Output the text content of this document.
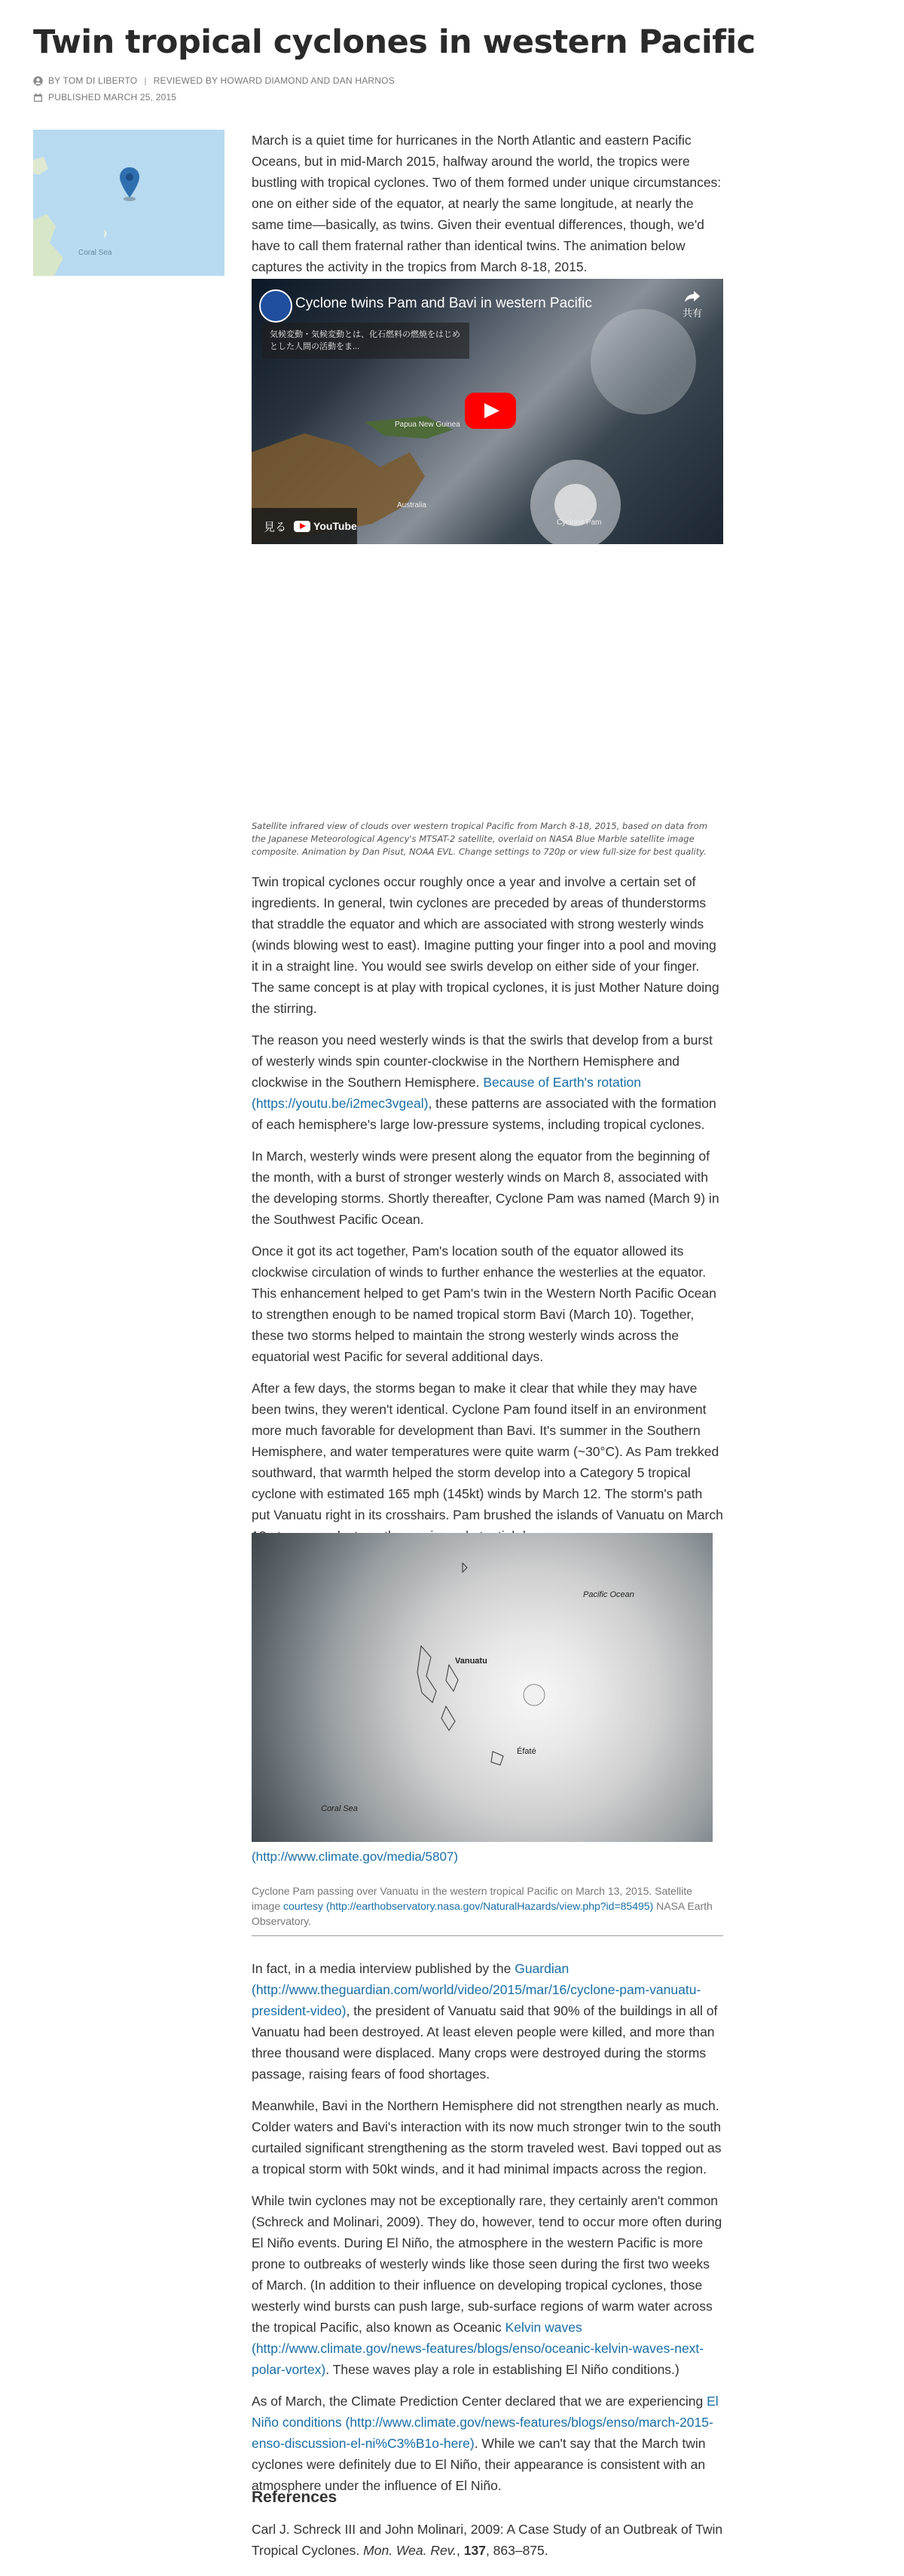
Twin tropical cyclones in western Pacific
BY TOM DI LIBERTO | REVIEWED BY HOWARD DIAMOND AND DAN HARNOS
PUBLISHED MARCH 25, 2015
Coral Sea

March is a quiet time for hurricanes in the North Atlantic and eastern Pacific Oceans, but in mid-March 2015, halfway around the world, the tropics were bustling with tropical cyclones. Two of them formed under unique circumstances: one on either side of the equator, at nearly the same longitude, at nearly the same time—basically, as twins. Given their eventual differences, though, we'd have to call them fraternal rather than identical twins. The animation below captures the activity in the tropics from March 8-18, 2015.

Cyclone twins Pam and Bavi in western Pacific
共有
気候変動・気候変動とは、化石燃料の燃焼をはじめとした人間の活動をま...
Papua New Guinea
Australia
Cyclone Pam
見る	YouTube
Satellite infrared view of clouds over western tropical Pacific from March 8-18, 2015, based on data from the Japanese Meteorological Agency's MTSAT-2 satellite, overlaid on NASA Blue Marble satellite image composite. Animation by Dan Pisut, NOAA EVL. Change settings to 720p or view full-size for best quality.

Twin tropical cyclones occur roughly once a year and involve a certain set of ingredients. In general, twin cyclones are preceded by areas of thunderstorms that straddle the equator and which are associated with strong westerly winds (winds blowing west to east). Imagine putting your finger into a pool and moving it in a straight line. You would see swirls develop on either side of your finger. The same concept is at play with tropical cyclones, it is just Mother Nature doing the stirring.

The reason you need westerly winds is that the swirls that develop from a burst of westerly winds spin counter-clockwise in the Northern Hemisphere and clockwise in the Southern Hemisphere. Because of Earth's rotation (https://youtu.be/i2mec3vgeal), these patterns are associated with the formation of each hemisphere's large low-pressure systems, including tropical cyclones.

In March, westerly winds were present along the equator from the beginning of the month, with a burst of stronger westerly winds on March 8, associated with the developing storms. Shortly thereafter, Cyclone Pam was named (March 9) in the Southwest Pacific Ocean.

Once it got its act together, Pam's location south of the equator allowed its clockwise circulation of winds to further enhance the westerlies at the equator. This enhancement helped to get Pam's twin in the Western North Pacific Ocean to strengthen enough to be named tropical storm Bavi (March 10). Together, these two storms helped to maintain the strong westerly winds across the equatorial west Pacific for several additional days.

After a few days, the storms began to make it clear that while they may have been twins, they weren't identical. Cyclone Pam found itself in an environment more much favorable for development than Bavi. It's summer in the Southern Hemisphere, and water temperatures were quite warm (~30°C). As Pam trekked southward, that warmth helped the storm develop into a Category 5 tropical cyclone with estimated 165 mph (145kt) winds by March 12. The storm's path put Vanuatu right in its crosshairs. Pam brushed the islands of Vanuatu on March

Pacific Ocean
Vanuatu
Éfaté
Coral Sea
(http://www.climate.gov/media/5807)
Cyclone Pam passing over Vanuatu in the western tropical Pacific on March 13, 2015. Satellite image courtesy (http://earthobservatory.nasa.gov/NaturalHazards/view.php?id=85495) NASA Earth Observatory.

In fact, in a media interview published by the Guardian (http://www.theguardian.com/world/video/2015/mar/16/cyclone-pam-vanuatu-president-video), the president of Vanuatu said that 90% of the buildings in all of Vanuatu had been destroyed. At least eleven people were killed, and more than three thousand were displaced. Many crops were destroyed during the storms passage, raising fears of food shortages.

Meanwhile, Bavi in the Northern Hemisphere did not strengthen nearly as much. Colder waters and Bavi's interaction with its now much stronger twin to the south curtailed significant strengthening as the storm traveled west. Bavi topped out as a tropical storm with 50kt winds, and it had minimal impacts across the region.

While twin cyclones may not be exceptionally rare, they certainly aren't common (Schreck and Molinari, 2009). They do, however, tend to occur more often during El Niño events. During El Niño, the atmosphere in the western Pacific is more prone to outbreaks of westerly winds like those seen during the first two weeks of March. (In addition to their influence on developing tropical cyclones, those westerly wind bursts can push large, sub-surface regions of warm water across the tropical Pacific, also known as Oceanic Kelvin waves (http://www.climate.gov/news-features/blogs/enso/oceanic-kelvin-waves-next-polar-vortex). These waves play a role in establishing El Niño conditions.)

As of March, the Climate Prediction Center declared that we are experiencing El Niño conditions (http://www.climate.gov/news-features/blogs/enso/march-2015-enso-discussion-el-ni%C3%B1o-here). While we can't say that the March twin cyclones were definitely due to El Niño, their appearance is consistent with an atmosphere under the influence of El Niño.

References
Carl J. Schreck III and John Molinari, 2009: A Case Study of an Outbreak of Twin Tropical Cyclones. Mon. Wea. Rev., 137, 863–875.
